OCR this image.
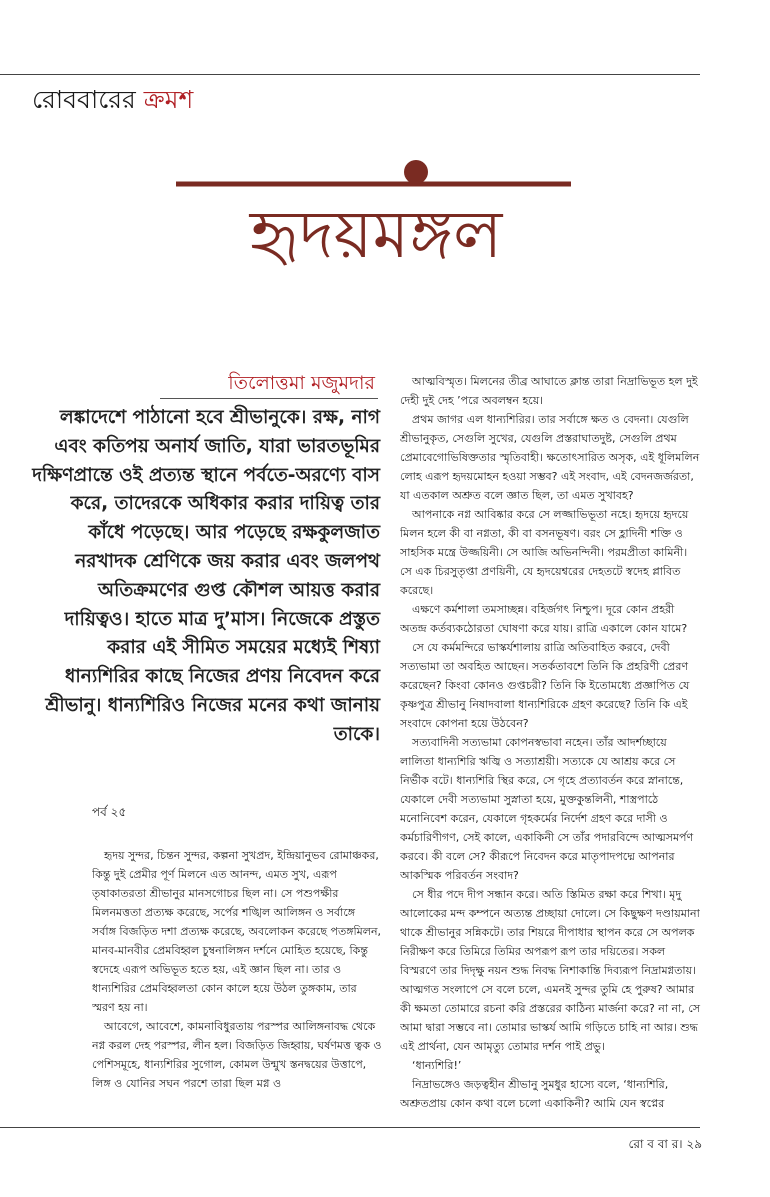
রোববারের ক্রমশ
হৃদয়মঙ্গল
তিলোত্তমা মজুমদার

লঙ্কাদেশে পাঠানো হবে শ্রীভানুকে। রক্ষ, নাগ এবং কতিপয় অনার্য জাতি, যারা ভারতভূমির দক্ষিণপ্রান্তে ওই প্রত্যন্ত স্থানে পর্বতে-অরণ্যে বাস করে, তাদেরকে অধিকার করার দায়িত্ব তার কাঁধে পড়েছে। আর পড়েছে রক্ষকুলজাত নরখাদক শ্রেণিকে জয় করার এবং জলপথ অতিক্রমণের গুপ্ত কৌশল আয়ত্ত করার দায়িত্বও। হাতে মাত্র দু’মাস। নিজেকে প্রস্তুত করার এই সীমিত সময়ের মধ্যেই শিষ্যা ধান্যশিরির কাছে নিজের প্রণয় নিবেদন করে শ্রীভানু। ধান্যশিরিও নিজের মনের কথা জানায় তাকে।

পর্ব ২৫

হৃদয় সুন্দর, চিন্তন সুন্দর, কল্পনা সুখপ্রদ, ইন্দ্রিয়ানুভব রোমাঞ্চকর, কিন্তু দুই প্রেমীর পূর্ণ মিলনে এত আনন্দ, এমত সুখ, এরূপ তৃষাকাতরতা শ্রীভানুর মানসগোচর ছিল না। সে পশুপক্ষীর মিলনমত্ততা প্রত্যক্ষ করেছে, সর্পের শঙ্খিল আলিঙ্গন ও সর্বাঙ্গে সর্বাঙ্গ বিজড়িত দশা প্রত্যক্ষ করেছে, অবলোকন করেছে পতঙ্গমিলন, মানব-মানবীর প্রেমবিহ্বল চুম্বনালিঙ্গন দর্শনে মোহিত হয়েছে, কিন্তু স্বদেহে এরূপ অভিভূত হতে হয়, এই জ্ঞান ছিল না। তার ও ধান্যশিরির প্রেমবিহ্বলতা কোন কালে হয়ে উঠল তুঙ্গকাম, তার স্মরণ হয় না।

আবেগে, আবেশে, কামনাবিধুরতায় পরস্পর আলিঙ্গনাবদ্ধ থেকে নগ্ন করল দেহ পরস্পর, লীন হল। বিজড়িত জিহ্বায়, ঘর্ষণমত্ত ত্বক ও পেশিসমূহে, ধান্যশিরির সুগোল, কোমল উন্মুখ স্তনদ্বয়ের উত্তাপে, লিঙ্গ ও যোনির সঘন পরশে তারা ছিল মগ্ন ও

আত্মবিস্মৃত। মিলনের তীব্র আঘাতে ক্লান্ত তারা নিদ্রাভিভূত হল দুই দেহী দুই দেহ ’পরে অবলম্বন হয়ে।

প্রথম জাগর এল ধান্যশিরির। তার সর্বাঙ্গে ক্ষত ও বেদনা। যেগুলি শ্রীভানুকৃত, সেগুলি সুখের, যেগুলি প্রস্তরাঘাতদুষ্ট, সেগুলি প্রথম প্রেমাবেগোভিষিক্ততার স্মৃতিবাহী। ক্ষতোৎসারিত অসৃক, এই ধূলিমলিন লোহ এরূপ হৃদয়মোহন হওয়া সম্ভব? এই সংবাদ, এই বেদনজর্জরতা, যা এতকাল অশ্রুত বলে জ্ঞাত ছিল, তা এমত সুখাবহ?

আপনাকে নগ্ন আবিষ্কার করে সে লজ্জাভিভূতা নহে। হৃদয়ে হৃদয়ে মিলন হলে কী বা নগ্নতা, কী বা বসনভূষণ। বরং সে হ্লাদিনী শক্তি ও সাহসিক মন্ত্রে উজ্জয়িনী। সে আজি অভিনন্দিনী। পরমপ্রীতা কামিনী। সে এক চিরসুতৃপ্তা প্রণয়িনী, যে হৃদয়েশ্বরের দেহতটে স্বদেহ প্লাবিত করেছে।

এক্ষণে কর্মশালা তমসাচ্ছন্ন। বহির্জগৎ নিশ্চুপ। দূরে কোন প্রহরী অতন্দ্র কর্তব্যকঠোরতা ঘোষণা করে যায়। রাত্রি একালে কোন যামে?

সে যে কর্মমন্দিরে ভাস্কর্যশালায় রাত্রি অতিবাহিত করবে, দেবী সত্যভামা তা অবহিত আছেন। সতর্কতাবশে তিনি কি প্রহরিণী প্রেরণ করেছেন? কিংবা কোনও গুপ্তচরী? তিনি কি ইতোমধ্যে প্রজ্ঞাপিত যে কৃষ্ণপুত্র শ্রীভানু নিষাদবালা ধান্যশিরিকে গ্রহণ করেছে? তিনি কি এই সংবাদে কোপনা হয়ে উঠবেন?

সত্যবাদিনী সত্যভামা কোপনস্বভাবা নহেন। তাঁর আদর্শচ্ছায়ে লালিতা ধান্যশিরি ঋজ্বি ও সত্যাশ্রয়ী। সত্যকে যে আশ্রয় করে সে নির্ভীক বটে। ধান্যশিরি স্থির করে, সে গৃহে প্রত্যাবর্তন করে স্নানান্তে, যেকালে দেবী সত্যভামা সুস্নাতা হয়ে, মুক্তকুন্তলিনী, শাস্ত্রপাঠে মনোনিবেশ করেন, যেকালে গৃহকর্মের নির্দেশ গ্রহণ করে দাসী ও কর্মচারিণীগণ, সেই কালে, একাকিনী সে তাঁর পদারবিন্দে আত্মসমর্পণ করবে। কী বলে সে? কীরূপে নিবেদন করে মাতৃপাদপদ্মে আপনার আকস্মিক পরিবর্তন সংবাদ?

সে ধীর পদে দীপ সন্ধান করে। অতি স্তিমিত রক্ষা করে শিখা। মৃদু আলোকের মন্দ কম্পনে অত্যন্ত প্রচ্ছায়া দোলে। সে কিছুক্ষণ দণ্ডায়মানা থাকে শ্রীভানুর সন্নিকটে। তার শিয়রে দীপাধার স্থাপন করে সে অপলক নিরীক্ষণ করে তিমিরে তিমির অপরূপ রূপ তার দয়িতের। সকল বিস্মরণে তার দিদৃক্ষু নয়ন শুদ্ধ নিবদ্ধ নিশাকান্তি দিব্যরূপ নিদ্রামগ্নতায়। আত্মগত সংলাপে সে বলে চলে, এমনই সুন্দর তুমি হে পুরুষ? আমার কী ক্ষমতা তোমারে রচনা করি প্রস্তরের কাঠিন্য মার্জনা করে? না না, সে আমা দ্বারা সম্ভবে না। তোমার ভাস্কর্য আমি গড়িতে চাহি না আর। শুদ্ধ এই প্রার্থনা, যেন আমৃত্যু তোমার দর্শন পাই প্রভু।

‘ধান্যশিরি!’

নিদ্রাভঙ্গেও জড়ত্বহীন শ্রীভানু সুমধুর হাস্যে বলে, ‘ধান্যশিরি, অশ্রুতপ্রায় কোন কথা বলে চলো একাকিনী? আমি যেন স্বপ্নের

রো ব বা র। ২৯
